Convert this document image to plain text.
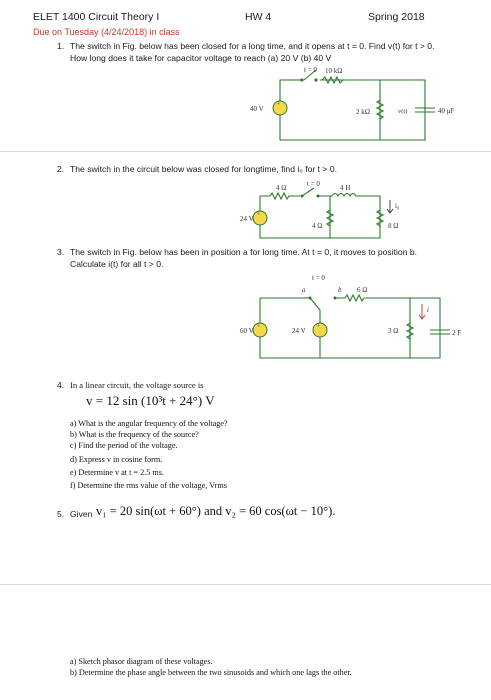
ELET 1400 Circuit Theory I	HW 4	Spring 2018
Due on Tuesday (4/24/2018) in class
1. The switch in Fig. below has been closed for a long time, and it opens at t = 0. Find v(t) for t > 0.
How long does it take for capacitor voltage to reach (a) 20 V (b) 40 V
+
t = 0 10 kΩ
40 V	2 kΩ	v(t)	40 μF
2. The switch in the circuit below was closed for longtime, find i₀ for t > 0.
+
4 Ω	t = 0	4 H
24 V
4 Ω	8 Ω
i₀
3. The switch in Fig. below has been in position a for long time. At t = 0, it moves to position b.
Calculate i(t) for all t > 0.
+	+
a
t = 0
b 6 Ω
60 V	24 V	3 Ω	2 F
i
4. In a linear circuit, the voltage source is
v = 12 sin (10³t + 24°) V
a) What is the angular frequency of the voltage?
b) What is the frequency of the source?
c) Find the period of the voltage.
d) Express v in cosine form.
e) Determine v at t = 2.5 ms.
f) Determine the rms value of the voltage, Vrms
5. Given v₁ = 20 sin(ωt + 60°) and v₂ = 60 cos(ωt − 10°).
a) Sketch phasor diagram of these voltages.
b) Determine the phase angle between the two sinusoids and which one lags the other.
